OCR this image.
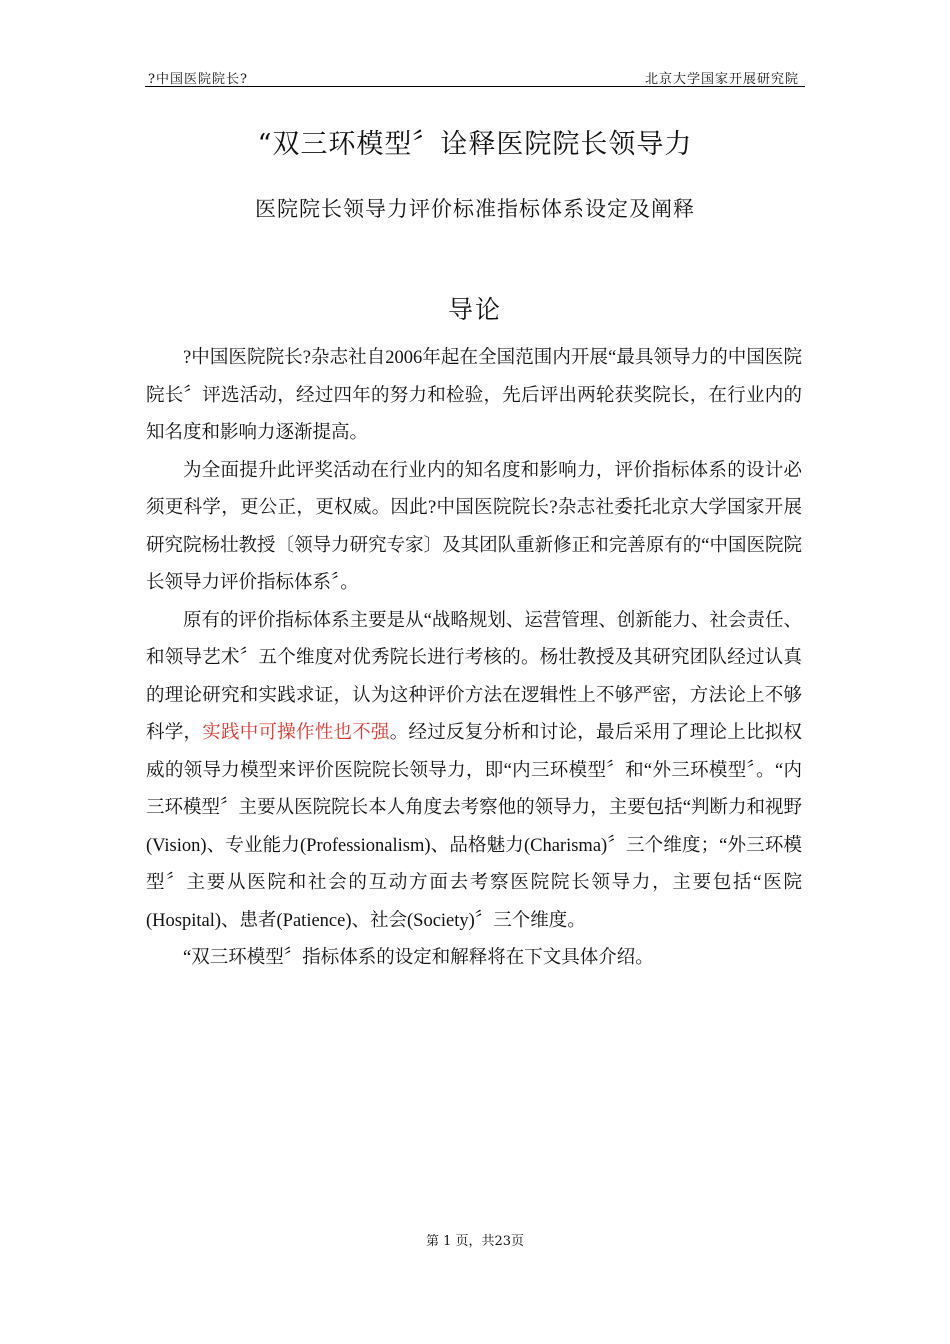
?中国医院院长?	北京大学国家开展研究院
“双三环模型〞诠释医院院长领导力
医院院长领导力评价标准指标体系设定及阐释
导论

?中国医院院长?杂志社自2006年起在全国范围内开展“最具领导力的中国医院院长〞评选活动，经过四年的努力和检验，先后评出两轮获奖院长，在行业内的知名度和影响力逐渐提高。

为全面提升此评奖活动在行业内的知名度和影响力，评价指标体系的设计必须更科学，更公正，更权威。因此?中国医院院长?杂志社委托北京大学国家开展研究院杨壮教授〔领导力研究专家〕及其团队重新修正和完善原有的“中国医院院长领导力评价指标体系〞。

原有的评价指标体系主要是从“战略规划、运营管理、创新能力、社会责任、和领导艺术〞五个维度对优秀院长进行考核的。杨壮教授及其研究团队经过认真的理论研究和实践求证，认为这种评价方法在逻辑性上不够严密，方法论上不够科学，实践中可操作性也不强。经过反复分析和讨论，最后采用了理论上比拟权威的领导力模型来评价医院院长领导力，即“内三环模型〞和“外三环模型〞。“内三环模型〞主要从医院院长本人角度去考察他的领导力，主要包括“判断力和视野(Vision)、专业能力(Professionalism)、品格魅力(Charisma)〞三个维度；“外三环模型〞主要从医院和社会的互动方面去考察医院院长领导力，主要包括“医院(Hospital)、患者(Patience)、社会(Society)〞三个维度。

“双三环模型〞指标体系的设定和解释将在下文具体介绍。

第 1 页，共23页
